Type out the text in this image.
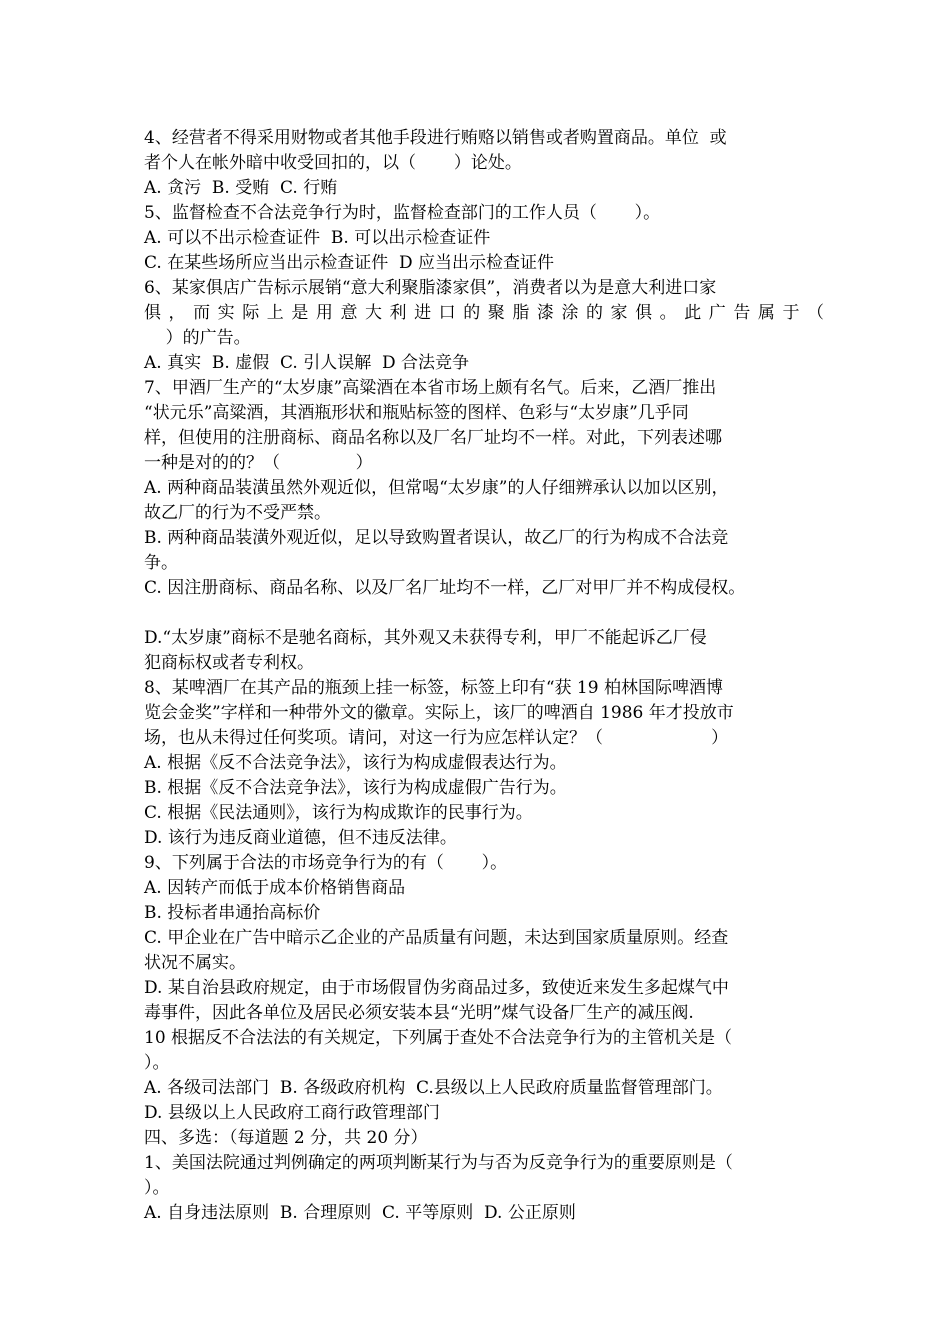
4、经营者不得采用财物或者其他手段进行贿赂以销售或者购置商品。单位  或
者个人在帐外暗中收受回扣的，以（       ）论处。
A. 贪污  B. 受贿  C. 行贿
5、监督检查不合法竞争行为时，监督检查部门的工作人员（       ）。
A. 可以不出示检查证件  B. 可以出示检查证件
C. 在某些场所应当出示检查证件  D 应当出示检查证件
6、某家俱店广告标示展销“意大利聚脂漆家俱”，消费者以为是意大利进口家
俱，而实际上是用意大利进口的聚脂漆涂的家俱。此广告属于（
）的广告。
A. 真实  B. 虚假  C. 引人误解  D 合法竞争
7、甲酒厂生产的“太岁康”高粱酒在本省市场上颇有名气。后来，乙酒厂推出
“状元乐”高粱酒，其酒瓶形状和瓶贴标签的图样、色彩与“太岁康”几乎同
样，但使用的注册商标、商品名称以及厂名厂址均不一样。对此，下列表述哪
一种是对的的？（              ）
A. 两种商品装潢虽然外观近似，但常喝“太岁康”的人仔细辨承认以加以区别，
故乙厂的行为不受严禁。
B. 两种商品装潢外观近似，足以导致购置者误认，故乙厂的行为构成不合法竞
争。
C. 因注册商标、商品名称、以及厂名厂址均不一样，乙厂对甲厂并不构成侵权。
D.“太岁康”商标不是驰名商标，其外观又未获得专利，甲厂不能起诉乙厂侵
犯商标权或者专利权。
8、某啤酒厂在其产品的瓶颈上挂一标签，标签上印有“获 19 柏林国际啤酒博
览会金奖”字样和一种带外文的徽章。实际上，该厂的啤酒自 1986 年才投放市
场，也从未得过任何奖项。请问，对这一行为应怎样认定？（                    ）
A. 根据《反不合法竞争法》，该行为构成虚假表达行为。
B. 根据《反不合法竞争法》，该行为构成虚假广告行为。
C. 根据《民法通则》，该行为构成欺诈的民事行为。
D. 该行为违反商业道德，但不违反法律。
9、下列属于合法的市场竞争行为的有（       ）。
A. 因转产而低于成本价格销售商品
B. 投标者串通抬高标价
C. 甲企业在广告中暗示乙企业的产品质量有问题，未达到国家质量原则。经查
状况不属实。
D. 某自治县政府规定，由于市场假冒伪劣商品过多，致使近来发生多起煤气中
毒事件，因此各单位及居民必须安装本县“光明”煤气设备厂生产的减压阀.
10 根据反不合法法的有关规定，下列属于查处不合法竞争行为的主管机关是（
）。
A. 各级司法部门  B. 各级政府机构  C.县级以上人民政府质量监督管理部门。
D. 县级以上人民政府工商行政管理部门
四、多选：（每道题 2 分，共 20 分）
1、美国法院通过判例确定的两项判断某行为与否为反竞争行为的重要原则是（
）。
A. 自身违法原则  B. 合理原则  C. 平等原则  D. 公正原则
